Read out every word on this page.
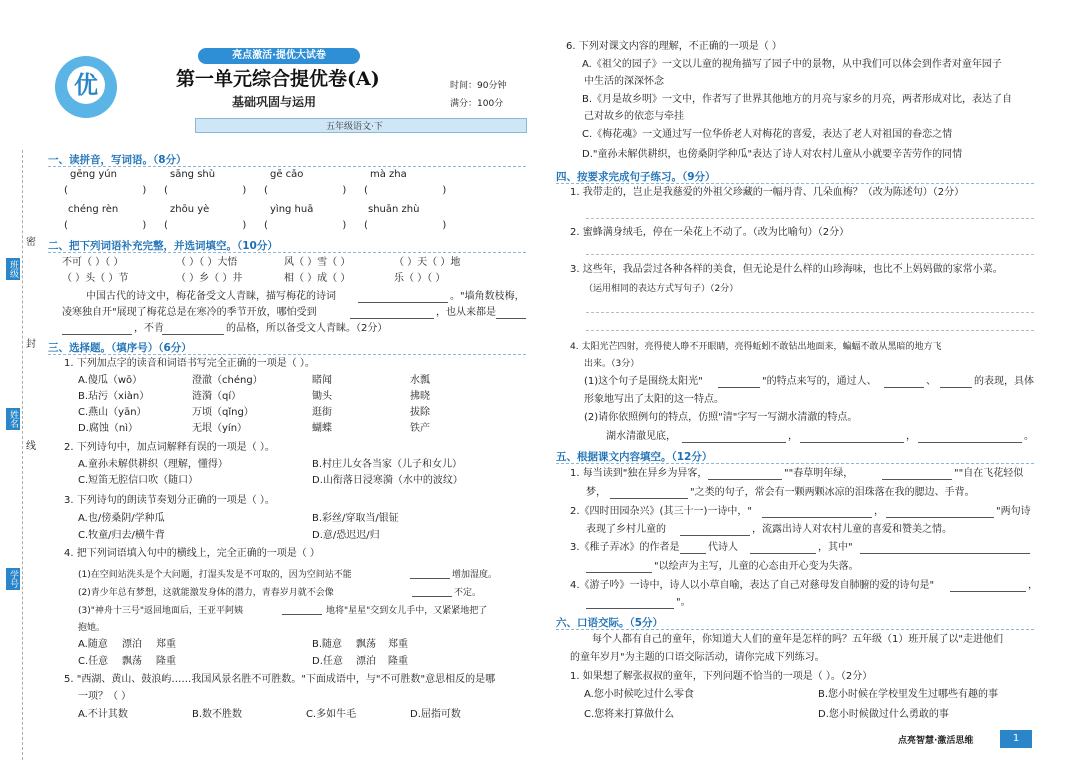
密
封
线
班级
姓名
学号
优
亮点激活·提优大试卷
第一单元综合提优卷(A)
基础巩固与运用
时间：90分钟
满分：100分
五年级语文·下
一、读拼音，写词语。（8分）
gēng yún	sāng shù	gē cǎo	mà zha
(              ) (              ) (              ) (              )
chéng rèn	zhōu yè	yìng huā	shuān zhù
(              ) (              ) (              ) (              )
二、把下列词语补充完整，并选词填空。（10分）
不可（ ）（ ）	（ ）（ ）大悟	风（ ）雪（ ）	（ ）天（ ）地
（ ）头（ ）节	（ ）乡（ ）井	相（ ）成（ ）	乐（ ）（ ）
中国古代的诗文中，梅花备受文人青睐，描写梅花的诗词	。"墙角数枝梅，
凌寒独自开"展现了梅花总是在寒冷的季节开放，哪怕受到	，也从来都是
，不肯	的品格，所以备受文人青睐。（2分）
三、选择题。（填序号）（6分）
1. 下列加点字的读音和词语书写完全正确的一项是（ ）。
A.傻瓜（wō）	澄澈（chéng）	睹闻	水瓢
B.玷污（xiàn）	涟漪（qí）	锄头	拂晓
C.燕山（yān）	万顷（qǐng）	逛街	拔除
D.腐蚀（nì）	无垠（yín）	蝴蝶	铁产
2. 下列诗句中，加点词解释有误的一项是（ ）。
A.童孙未解供耕织（理解，懂得）	B.村庄儿女各当家（儿子和女儿）
C.短笛无腔信口吹（随口）	D.山衔落日浸寒漪（水中的波纹）
3. 下列诗句的朗读节奏划分正确的一项是（ ）。
A.也/傍桑阴/学种瓜	B.彩丝/穿取当/银钲
C.牧童/归去/横牛背	D.意/恐迟迟/归
4. 把下列词语填入句中的横线上，完全正确的一项是（ ）
(1)在空间站洗头是个大问题，打湿头发是不可取的，因为空间站不能	增加湿度。
(2)青少年总有梦想，这就能激发身体的潜力，青春岁月就不会像	不定。
(3)"神舟十三号"返回地面后，王亚平阿姨	地将"星星"交到女儿手中，又紧紧地把了
抱她。
A.随意 漂泊 郑重	B.随意 飘荡 郑重
C.任意 飘荡 隆重	D.任意 漂泊 隆重
5. "西湖、黄山、鼓浪屿……我国风景名胜不可胜数。"下面成语中，与"不可胜数"意思相反的是哪
一项？（ ）
A.不计其数	B.数不胜数	C.多如牛毛	D.屈指可数
6. 下列对课文内容的理解，不正确的一项是（ ）
A.《祖父的园子》一文以儿童的视角描写了园子中的景物，从中我们可以体会到作者对童年园子
中生活的深深怀念
B.《月是故乡明》一文中，作者写了世界其他地方的月亮与家乡的月亮，两者形成对比，表达了自
己对故乡的依恋与牵挂
C.《梅花魂》一文通过写一位华侨老人对梅花的喜爱，表达了老人对祖国的眷恋之情
D."童孙未解供耕织，也傍桑阴学种瓜"表达了诗人对农村儿童从小就要辛苦劳作的同情
四、按要求完成句子练习。（9分）
1. 我带走的，岂止是我慈爱的外祖父珍藏的一幅丹青、几朵血梅？（改为陈述句）（2分）
2. 蜜蜂满身绒毛，停在一朵花上不动了。（改为比喻句）（2分）
3. 这些年，我品尝过各种各样的美食，但无论是什么样的山珍海味，也比不上妈妈做的家常小菜。
（运用相同的表达方式写句子）（2分）
4. 太阳光芒四射，亮得使人睁不开眼睛，亮得蚯蚓不敢钻出地面来，蝙蝠不敢从黑暗的地方飞
出来。（3分）
(1)这个句子是围绕太阳光"	"的特点来写的，通过人、	、	的表现，具体
形象地写出了太阳的这一特点。
(2)请你依照例句的特点，仿照"清"字写一写湖水清澈的特点。
湖水清澈见底，	，	，	。
五、根据课文内容填空。（12分）
1. 每当读到"独在异乡为异客，	""春草明年绿，	""自在飞花轻似
梦，	"之类的句子，常会有一颗两颗冰凉的泪珠落在我的腮边、手背。
2.《四时田园杂兴》(其三十一)一诗中，"	，	"两句诗
表现了乡村儿童的	，流露出诗人对农村儿童的喜爱和赞美之情。
3.《稚子弄冰》的作者是	代诗人	，其中"
"以绘声为主写，儿童的心态由开心变为失落。
4.《游子吟》一诗中，诗人以小草自喻，表达了自己对慈母发自肺腑的爱的诗句是"	，
"。
六、口语交际。（5分）
每个人都有自己的童年，你知道大人们的童年是怎样的吗？五年级（1）班开展了以"走进他们
的童年岁月"为主题的口语交际活动，请你完成下列练习。
1. 如果想了解张叔叔的童年，下列问题不恰当的一项是（ ）。（2分）
A.您小时候吃过什么零食	B.您小时候在学校里发生过哪些有趣的事
C.您将来打算做什么	D.您小时候做过什么勇敢的事
点亮智慧·激活思维	1
